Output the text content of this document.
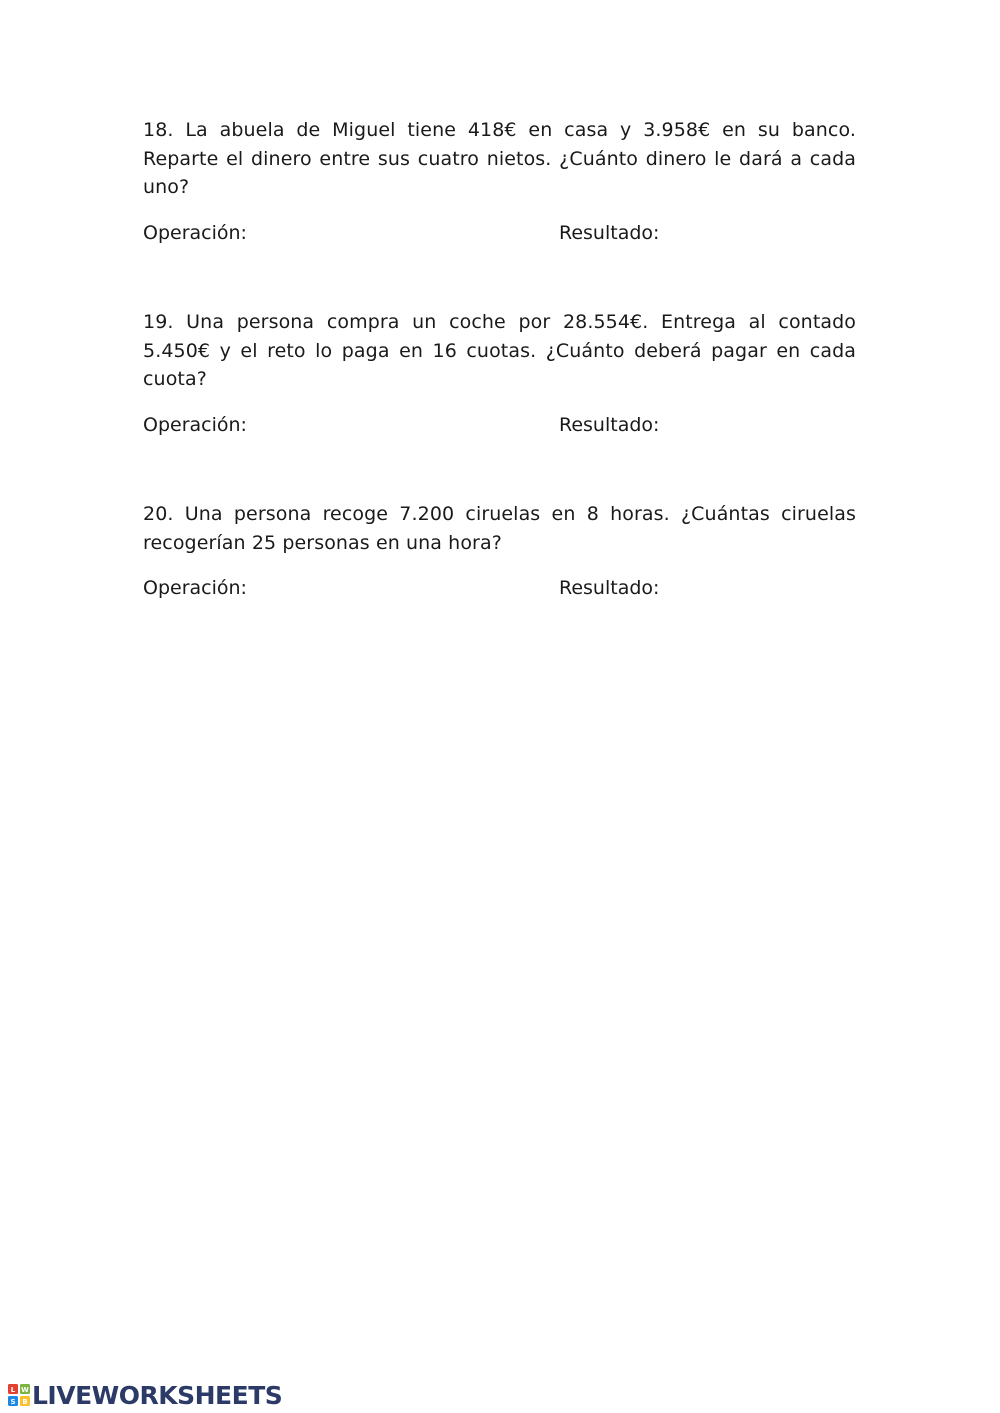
18. La abuela de Miguel tiene 418€ en casa y 3.958€ en su banco. Reparte el dinero entre sus cuatro nietos. ¿Cuánto dinero le dará a cada uno?

Operación:	Resultado:

19. Una persona compra un coche por 28.554€. Entrega al contado 5.450€ y el reto lo paga en 16 cuotas. ¿Cuánto deberá pagar en cada cuota?

Operación:	Resultado:

20. Una persona recoge 7.200 ciruelas en 8 horas. ¿Cuántas ciruelas recogerían 25 personas en una hora?

Operación:	Resultado:
L W
S B LIVEWORKSHEETS
